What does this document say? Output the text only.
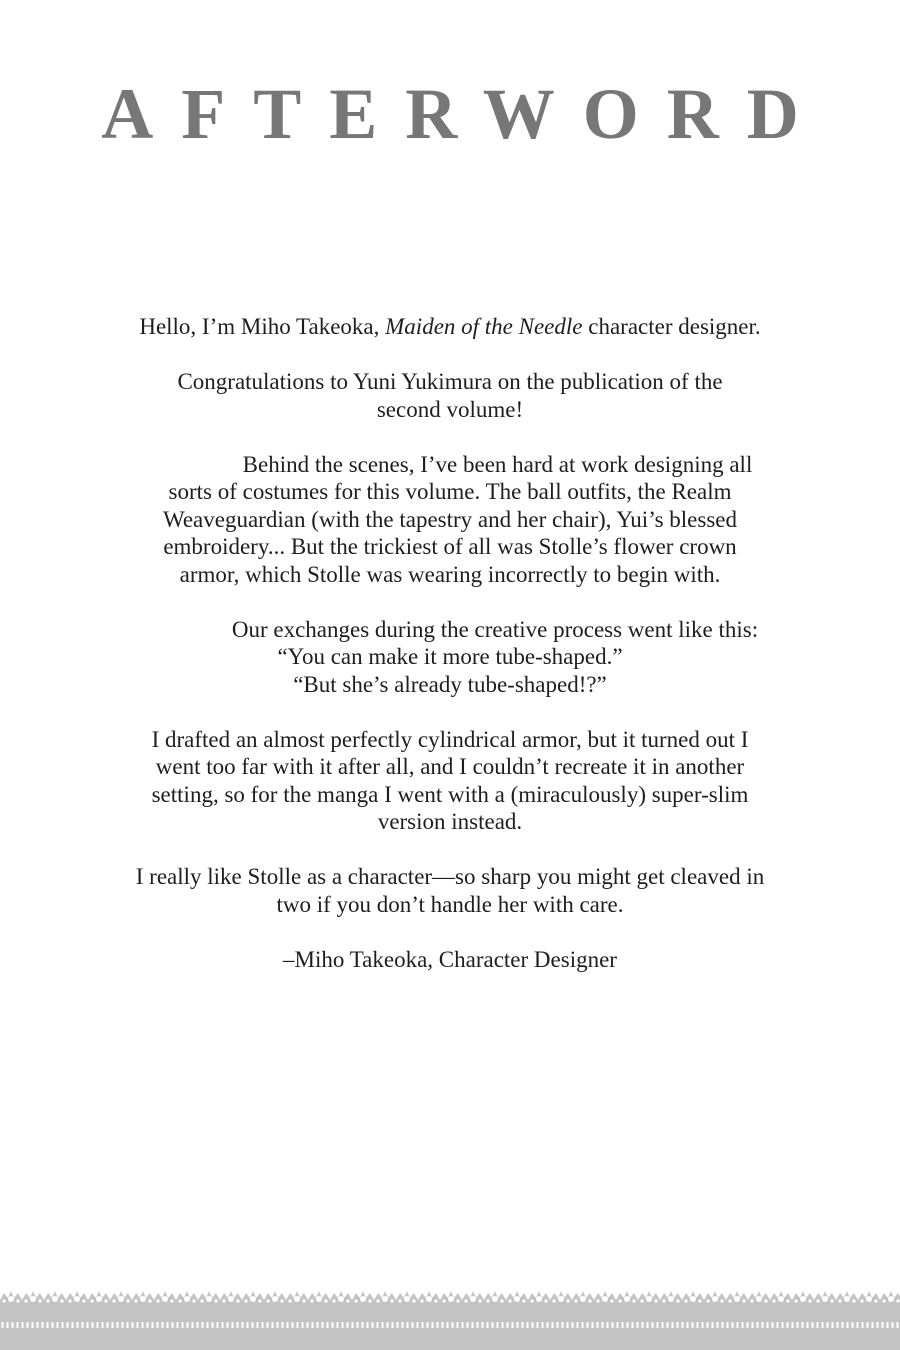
AFTERWORD

Hello, I’m Miho Takeoka, Maiden of the Needle character designer.

Congratulations to Yuni Yukimura on the publication of the
second volume!

Behind the scenes, I’ve been hard at work designing all
sorts of costumes for this volume. The ball outfits, the Realm
Weaveguardian (with the tapestry and her chair), Yui’s blessed
embroidery... But the trickiest of all was Stolle’s flower crown
armor, which Stolle was wearing incorrectly to begin with.

Our exchanges during the creative process went like this:
“You can make it more tube-shaped.”
“But she’s already tube-shaped!?”

I drafted an almost perfectly cylindrical armor, but it turned out I
went too far with it after all, and I couldn’t recreate it in another
setting, so for the manga I went with a (miraculously) super-slim
version instead.

I really like Stolle as a character—so sharp you might get cleaved in
two if you don’t handle her with care.

–Miho Takeoka, Character Designer
